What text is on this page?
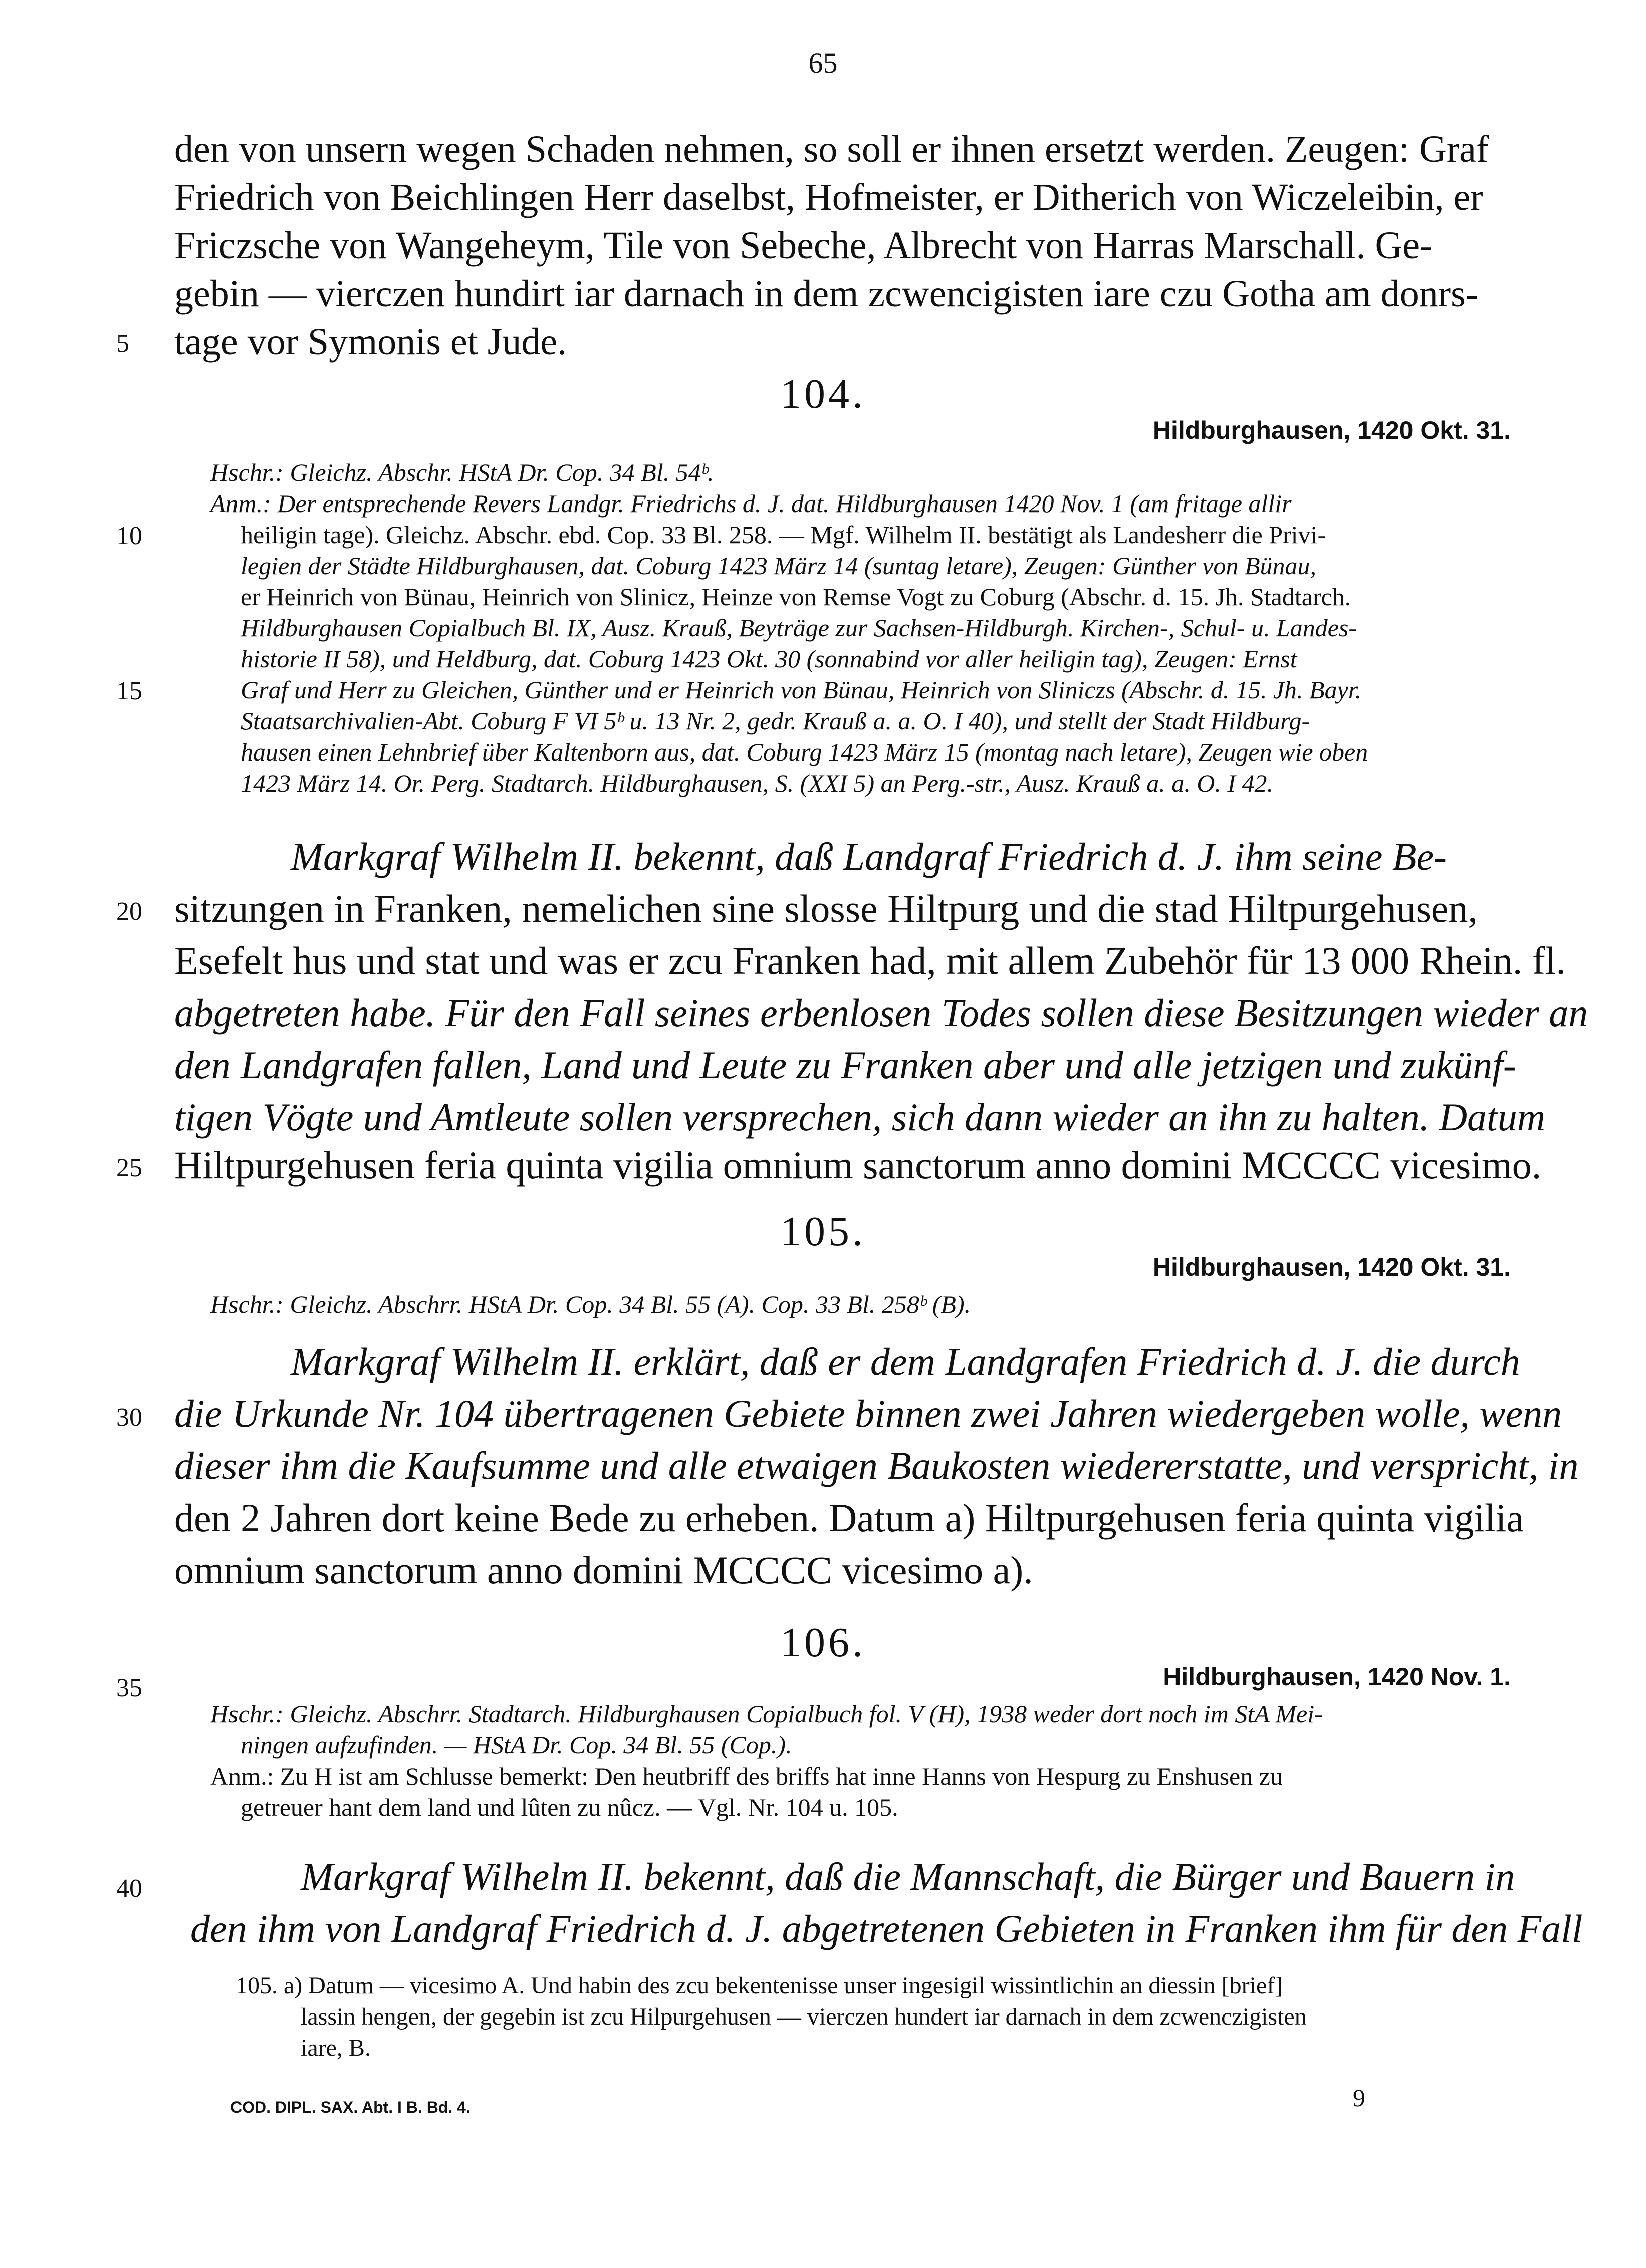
65
den von unsern wegen Schaden nehmen, so soll er ihnen ersetzt werden. Zeugen: Graf
Friedrich von Beichlingen Herr daselbst, Hofmeister, er Ditherich von Wiczeleibin, er
Friczsche von Wangeheym, Tile von Sebeche, Albrecht von Harras Marschall. Ge-
gebin — vierczen hundirt iar darnach in dem zcwencigisten iare czu Gotha am donrs-
5	tage vor Symonis et Jude.
104.
Hildburghausen, 1420 Okt. 31.
Hschr.: Gleichz. Abschr. HStA Dr. Cop. 34 Bl. 54ᵇ.
Anm.: Der entsprechende Revers Landgr. Friedrichs d. J. dat. Hildburghausen 1420 Nov. 1 (am fritage allir
10	heiligin tage). Gleichz. Abschr. ebd. Cop. 33 Bl. 258. — Mgf. Wilhelm II. bestätigt als Landesherr die Privi-
legien der Städte Hildburghausen, dat. Coburg 1423 März 14 (suntag letare), Zeugen: Günther von Bünau,
er Heinrich von Bünau, Heinrich von Slinicz, Heinze von Remse Vogt zu Coburg (Abschr. d. 15. Jh. Stadtarch.
Hildburghausen Copialbuch Bl. IX, Ausz. Krauß, Beyträge zur Sachsen-Hildburgh. Kirchen-, Schul- u. Landes-
historie II 58), und Heldburg, dat. Coburg 1423 Okt. 30 (sonnabind vor aller heiligin tag), Zeugen: Ernst
15	Graf und Herr zu Gleichen, Günther und er Heinrich von Bünau, Heinrich von Sliniczs (Abschr. d. 15. Jh. Bayr.
Staatsarchivalien-Abt. Coburg F VI 5ᵇ u. 13 Nr. 2, gedr. Krauß a. a. O. I 40), und stellt der Stadt Hildburg-
hausen einen Lehnbrief über Kaltenborn aus, dat. Coburg 1423 März 15 (montag nach letare), Zeugen wie oben
1423 März 14. Or. Perg. Stadtarch. Hildburghausen, S. (XXI 5) an Perg.-str., Ausz. Krauß a. a. O. I 42.
Markgraf Wilhelm II. bekennt, daß Landgraf Friedrich d. J. ihm seine Be-
20 sitzungen in Franken, nemelichen sine slosse Hiltpurg und die stad Hiltpurgehusen,
Esefelt hus und stat und was er zcu Franken had, mit allem Zubehör für 13 000 Rhein. fl.
abgetreten habe. Für den Fall seines erbenlosen Todes sollen diese Besitzungen wieder an
den Landgrafen fallen, Land und Leute zu Franken aber und alle jetzigen und zukünf-
tigen Vögte und Amtleute sollen versprechen, sich dann wieder an ihn zu halten. Datum
25 Hiltpurgehusen feria quinta vigilia omnium sanctorum anno domini MCCCC vicesimo.
105.
Hildburghausen, 1420 Okt. 31.
Hschr.: Gleichz. Abschrr. HStA Dr. Cop. 34 Bl. 55 (A). Cop. 33 Bl. 258ᵇ (B).
Markgraf Wilhelm II. erklärt, daß er dem Landgrafen Friedrich d. J. die durch
30 die Urkunde Nr. 104 übertragenen Gebiete binnen zwei Jahren wiedergeben wolle, wenn
dieser ihm die Kaufsumme und alle etwaigen Baukosten wiedererstatte, und verspricht, in
den 2 Jahren dort keine Bede zu erheben. Datum a) Hiltpurgehusen feria quinta vigilia
omnium sanctorum anno domini MCCCC vicesimo a).
106.
35	Hildburghausen, 1420 Nov. 1.
Hschr.: Gleichz. Abschrr. Stadtarch. Hildburghausen Copialbuch fol. V (H), 1938 weder dort noch im StA Mei-
ningen aufzufinden. — HStA Dr. Cop. 34 Bl. 55 (Cop.).
Anm.: Zu H ist am Schlusse bemerkt: Den heutbriff des briffs hat inne Hanns von Hespurg zu Enshusen zu
getreuer hant dem land und lûten zu nûcz. — Vgl. Nr. 104 u. 105.
40	Markgraf Wilhelm II. bekennt, daß die Mannschaft, die Bürger und Bauern in
den ihm von Landgraf Friedrich d. J. abgetretenen Gebieten in Franken ihm für den Fall
105. a) Datum — vicesimo A. Und habin des zcu bekentenisse unser ingesigil wissintlichin an diessin [brief]
lassin hengen, der gegebin ist zcu Hilpurgehusen — vierczen hundert iar darnach in dem zcwenczigisten
iare, B.
COD. DIPL. SAX. Abt. I B. Bd. 4.	9
